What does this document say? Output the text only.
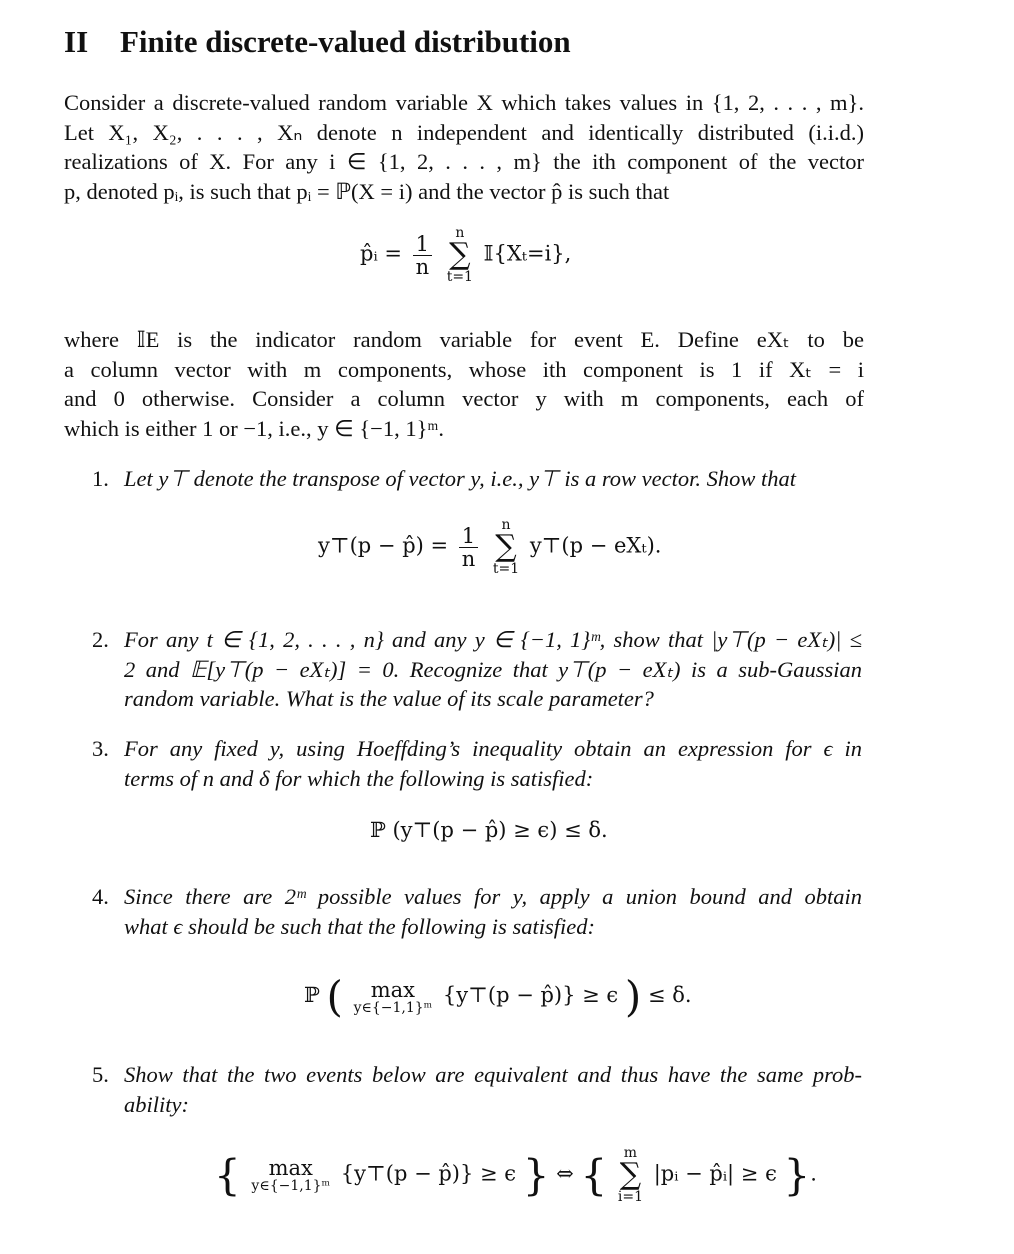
II Finite discrete-valued distribution
Consider a discrete-valued random variable X which takes values in {1, 2, . . . , m}.
Let X₁, X₂, . . . , Xₙ denote n independent and identically distributed (i.i.d.)
realizations of X. For any i ∈ {1, 2, . . . , m} the ith component of the vector
p, denoted pᵢ, is such that pᵢ = ℙ(X = i) and the vector p̂ is such that
p̂ᵢ = $\frac{1}{n}$
	n
∑
t=1
𝕀{Xₜ=i},
where 𝕀E is the indicator random variable for event E. Define eXₜ to be
a column vector with m components, whose ith component is 1 if Xₜ = i
and 0 otherwise. Consider a column vector y with m components, each of
which is either 1 or −1, i.e., y ∈ {−1, 1}ᵐ.
1. Let y⊤ denote the transpose of vector y, i.e., y⊤ is a row vector. Show that
y⊤(p − p̂) = $\frac{1}{n}$
	n
∑
t=1
y⊤(p − eXₜ).
2. For any t ∈ {1, 2, . . . , n} and any y ∈ {−1, 1}ᵐ, show that |y⊤(p − eXₜ)| ≤
2 and 𝔼[y⊤(p − eXₜ)] = 0. Recognize that y⊤(p − eXₜ) is a sub-Gaussian
random variable. What is the value of its scale parameter?
3. For any fixed y, using Hoeffding’s inequality obtain an expression for ϵ in
terms of n and δ for which the following is satisfied:
ℙ (y⊤(p − p̂) ≥ ϵ) ≤ δ.
4. Since there are 2ᵐ possible values for y, apply a union bound and obtain
what ϵ should be such that the following is satisfied:
ℙ (	max
y∈{−1,1}ᵐ
{y⊤(p − p̂)} ≥ ϵ ) ≤ δ.
5. Show that the two events below are equivalent and thus have the same prob-
ability:
{	max
y∈{−1,1}ᵐ
{y⊤(p − p̂)} ≥ ϵ } ⇔ {	m
∑
i=1
|pᵢ − p̂ᵢ| ≥ ϵ }.
